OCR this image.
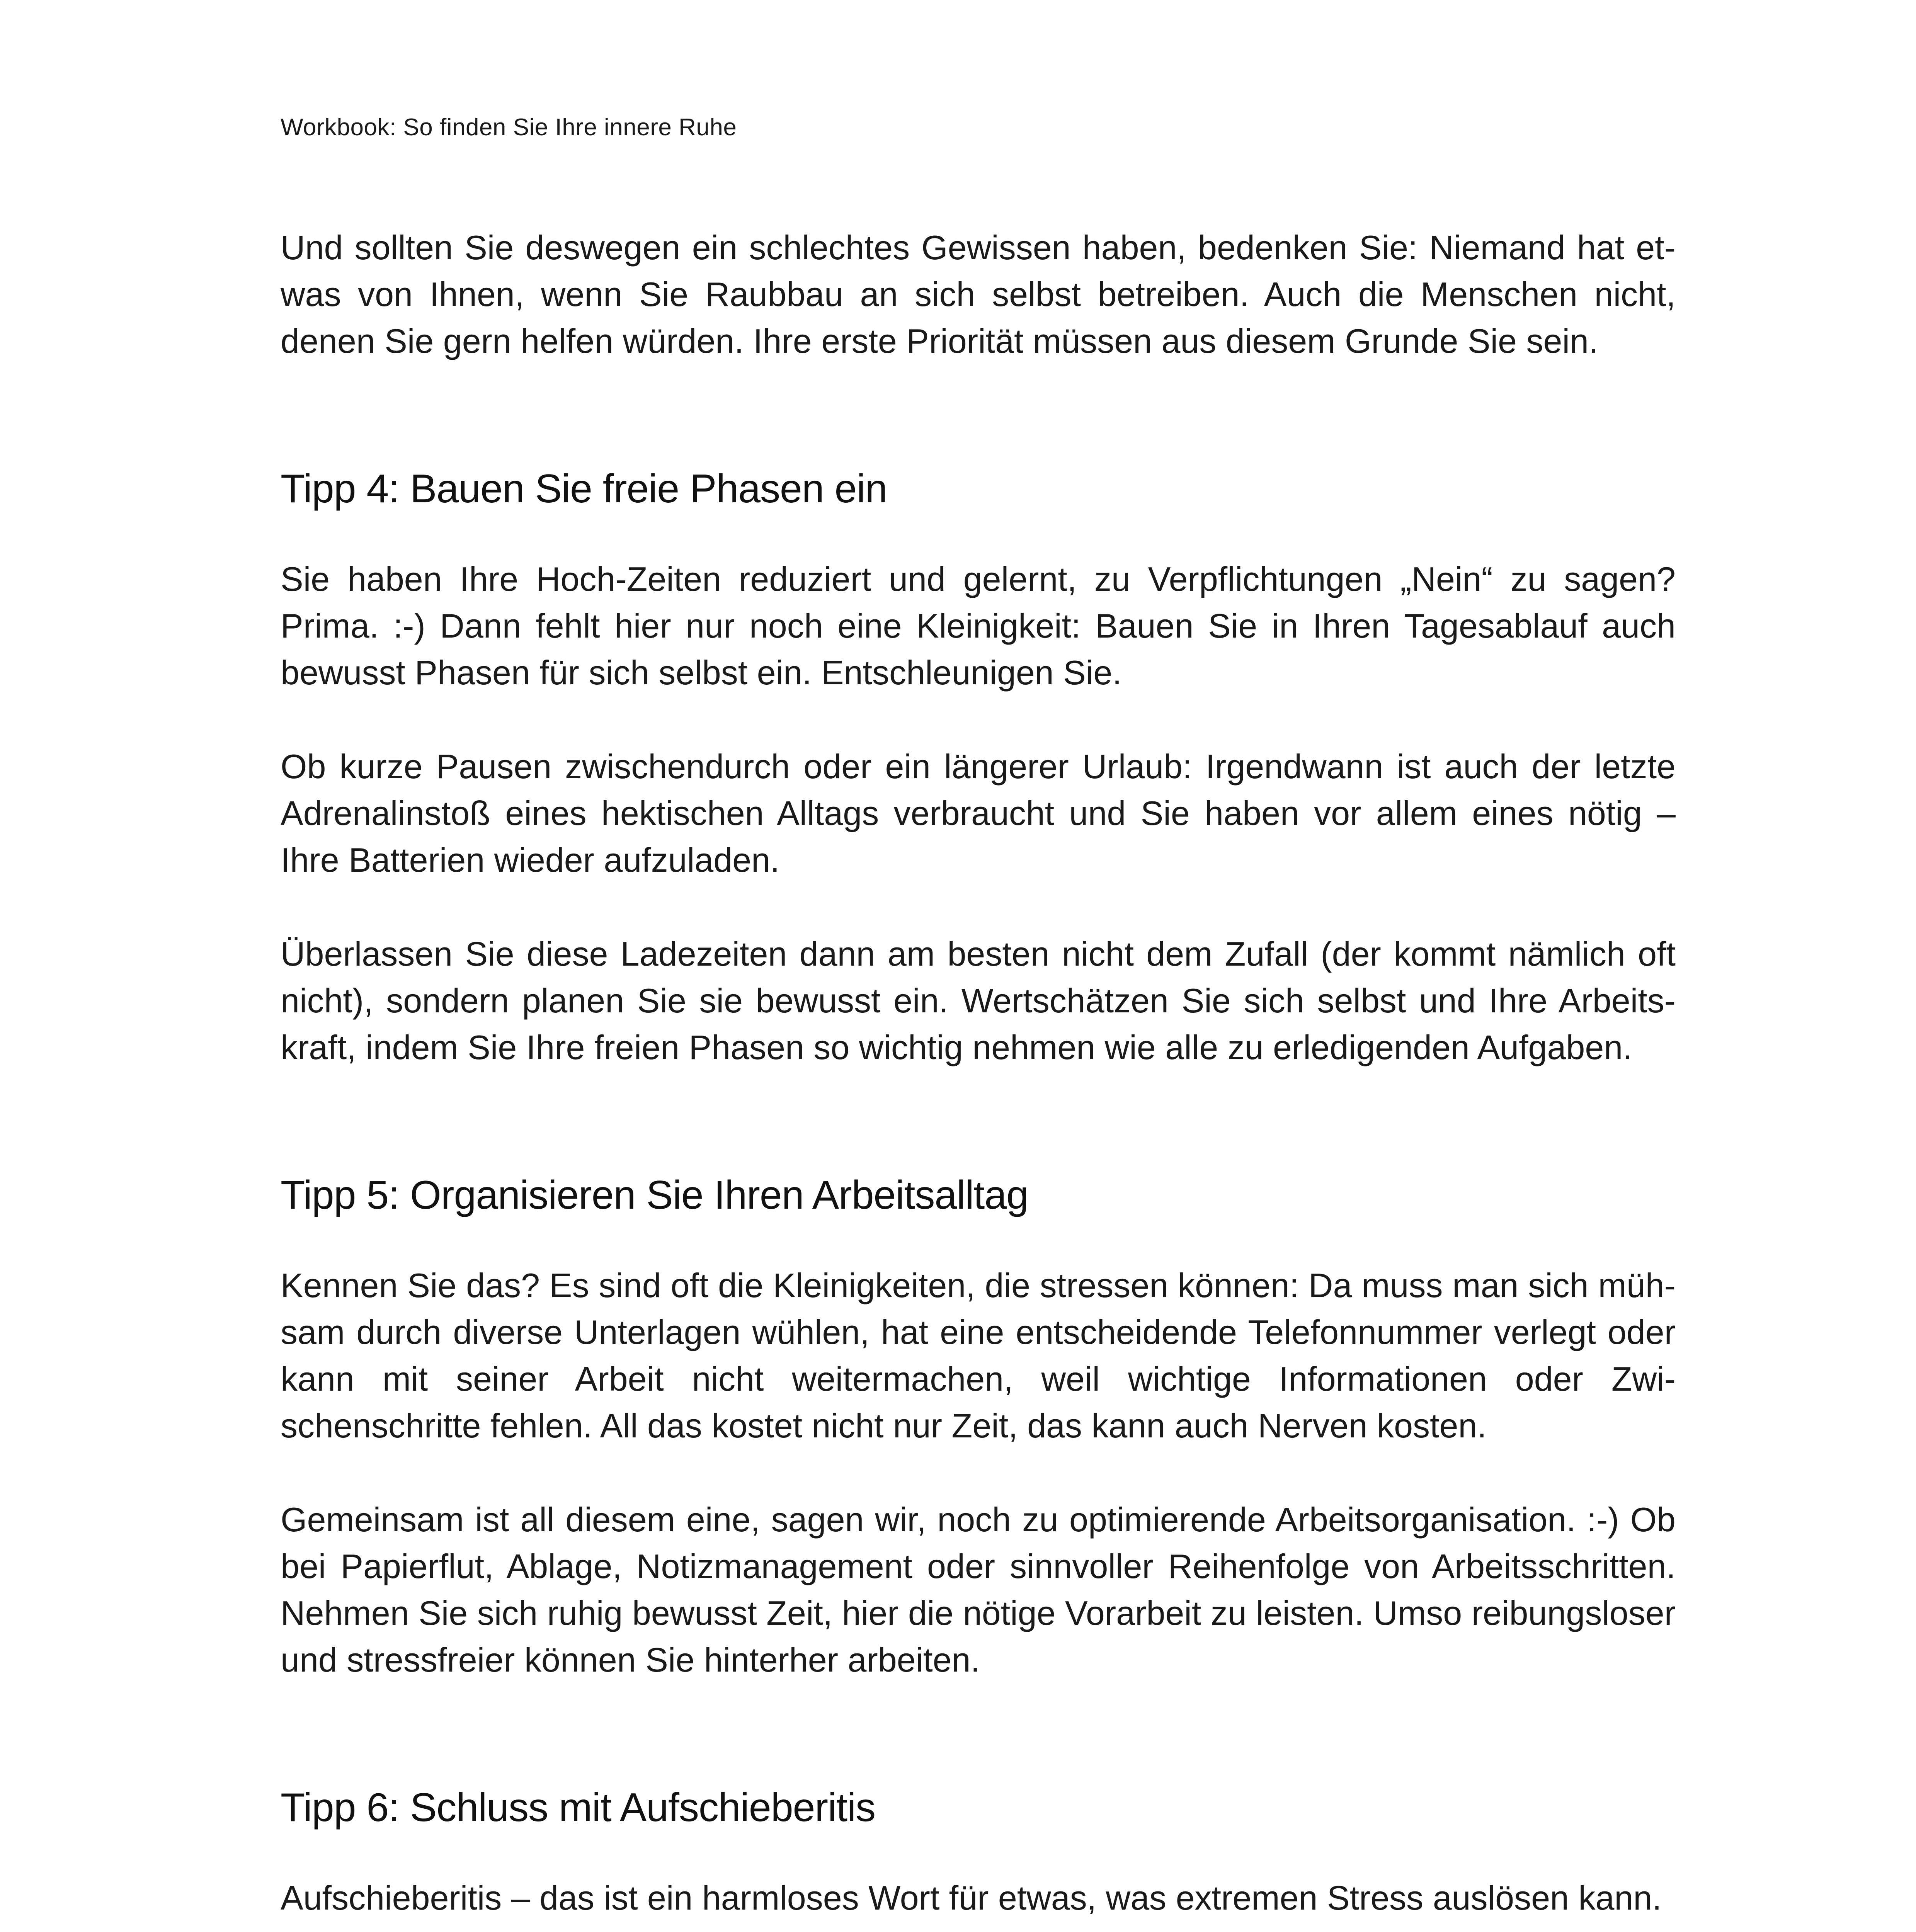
Workbook: So finden Sie Ihre innere Ruhe

Und sollten Sie deswegen ein schlechtes Gewissen haben, bedenken Sie: Niemand hat etwas von Ihnen, wenn Sie Raubbau an sich selbst betreiben. Auch die Menschen nicht, denen Sie gern helfen würden. Ihre erste Priorität müssen aus diesem Grunde Sie sein.

Tipp 4: Bauen Sie freie Phasen ein

Sie haben Ihre Hoch-Zeiten reduziert und gelernt, zu Verpflichtungen „Nein“ zu sagen? Prima. :-) Dann fehlt hier nur noch eine Kleinigkeit: Bauen Sie in Ihren Tagesablauf auch bewusst Phasen für sich selbst ein. Entschleunigen Sie.

Ob kurze Pausen zwischendurch oder ein längerer Urlaub: Irgendwann ist auch der letzte Adrenalinstoß eines hektischen Alltags verbraucht und Sie haben vor allem eines nötig – Ihre Batterien wieder aufzuladen.

Überlassen Sie diese Ladezeiten dann am besten nicht dem Zufall (der kommt nämlich oft nicht), sondern planen Sie sie bewusst ein. Wertschätzen Sie sich selbst und Ihre Arbeitskraft, indem Sie Ihre freien Phasen so wichtig nehmen wie alle zu erledigenden Aufgaben.

Tipp 5: Organisieren Sie Ihren Arbeitsalltag

Kennen Sie das? Es sind oft die Kleinigkeiten, die stressen können: Da muss man sich mühsam durch diverse Unterlagen wühlen, hat eine entscheidende Telefonnummer verlegt oder kann mit seiner Arbeit nicht weitermachen, weil wichtige Informationen oder Zwischenschritte fehlen. All das kostet nicht nur Zeit, das kann auch Nerven kosten.

Gemeinsam ist all diesem eine, sagen wir, noch zu optimierende Arbeitsorganisation. :-) Ob bei Papierflut, Ablage, Notizmanagement oder sinnvoller Reihenfolge von Arbeitsschritten. Nehmen Sie sich ruhig bewusst Zeit, hier die nötige Vorarbeit zu leisten. Umso reibungsloser und stressfreier können Sie hinterher arbeiten.

Tipp 6: Schluss mit Aufschieberitis

Aufschieberitis – das ist ein harmloses Wort für etwas, was extremen Stress auslösen kann.
